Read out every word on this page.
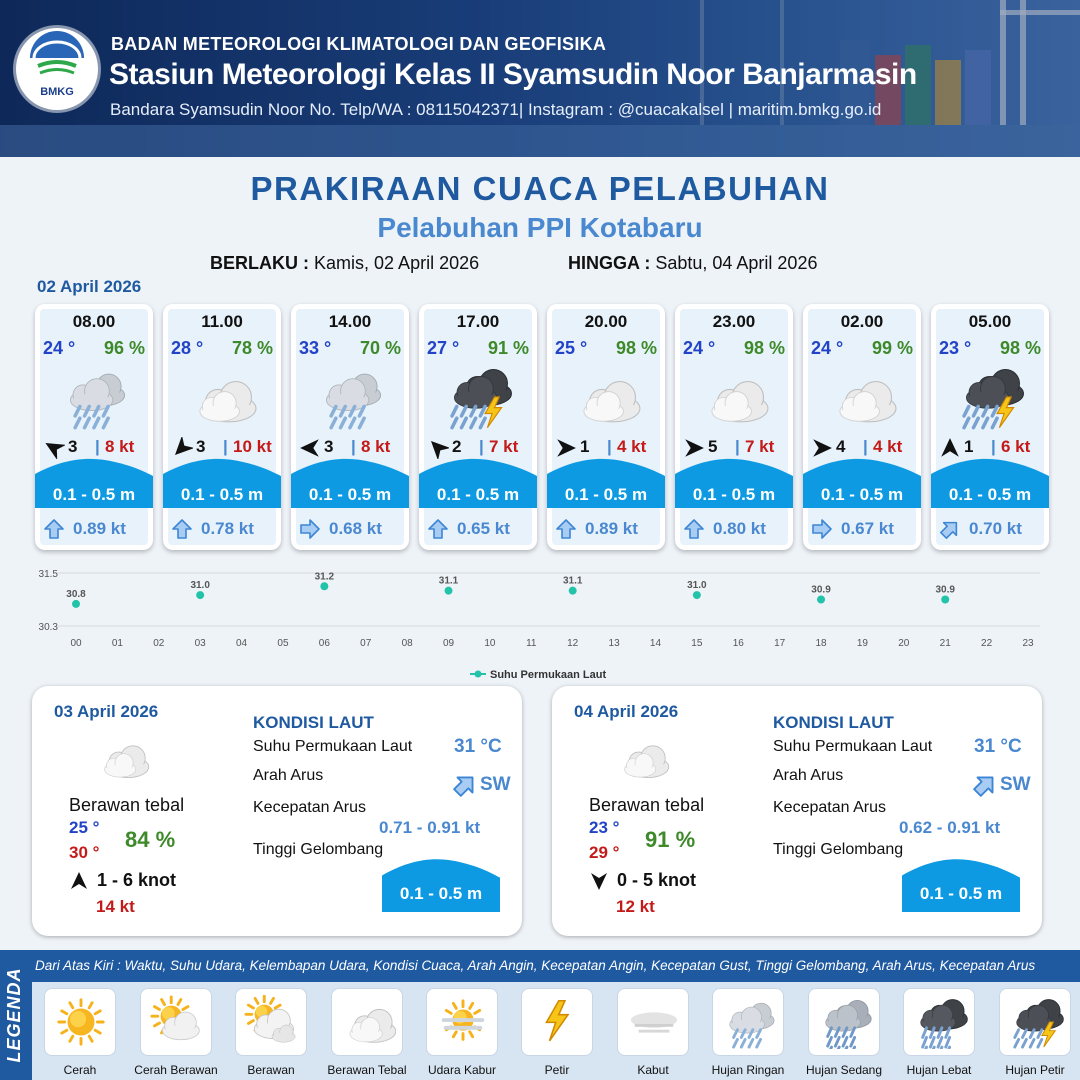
BMKG
BADAN METEOROLOGI KLIMATOLOGI DAN GEOFISIKA
Stasiun Meteorologi Kelas II Syamsudin Noor Banjarmasin
Bandara Syamsudin Noor No. Telp/WA : 08115042371| Instagram : @cuacakalsel | maritim.bmkg.go.id
PRAKIRAAN CUACA PELABUHAN
Pelabuhan PPI Kotabaru
BERLAKU : Kamis, 02 April 2026	HINGGA : Sabtu, 04 April 2026
02 April 2026
08.00
24 ° 96 %
3 | 8 kt
0.1 - 0.5 m
0.89 kt
11.00
28 ° 78 %
3 | 10 kt
0.1 - 0.5 m
0.78 kt
14.00
33 ° 70 %
3 | 8 kt
0.1 - 0.5 m
0.68 kt
17.00
27 ° 91 %
2 | 7 kt
0.1 - 0.5 m
0.65 kt
20.00
25 ° 98 %
1 | 4 kt
0.1 - 0.5 m
0.89 kt
23.00
24 ° 98 %
5 | 7 kt
0.1 - 0.5 m
0.80 kt
02.00
24 ° 99 %
4 | 4 kt
0.1 - 0.5 m
0.67 kt
05.00
23 ° 98 %
1 | 6 kt
0.1 - 0.5 m
0.70 kt
31.5
30.3
00	01	02	03	04	05	06	07	08	09	10	11	12	13	14	15	16	17	18	19	20	21	22	23
30.8
31.0
31.2	31.1	31.1	31.0	30.9	30.9
Suhu Permukaan Laut
03 April 2026
Berawan tebal
25 °
30 °
84 %
1 - 6 knot
14 kt
KONDISI LAUT
Suhu Permukaan Laut 31 °C
Arah Arus	SW
Kecepatan Arus
0.71 - 0.91 kt
Tinggi Gelombang
0.1 - 0.5 m
04 April 2026
Berawan tebal
23 °
29 °
91 %
0 - 5 knot
12 kt
KONDISI LAUT
Suhu Permukaan Laut 31 °C
Arah Arus	SW
Kecepatan Arus
0.62 - 0.91 kt
Tinggi Gelombang
0.1 - 0.5 m
LEGENDA
Dari Atas Kiri : Waktu, Suhu Udara, Kelembapan Udara, Kondisi Cuaca, Arah Angin, Kecepatan Angin, Kecepatan Gust, Tinggi Gelombang, Arah Arus, Kecepatan Arus
Cerah	Cerah Berawan	Berawan	Berawan Tebal	Udara Kabur	Petir	Kabut	Hujan Ringan	Hujan Sedang	Hujan Lebat	Hujan Petir
